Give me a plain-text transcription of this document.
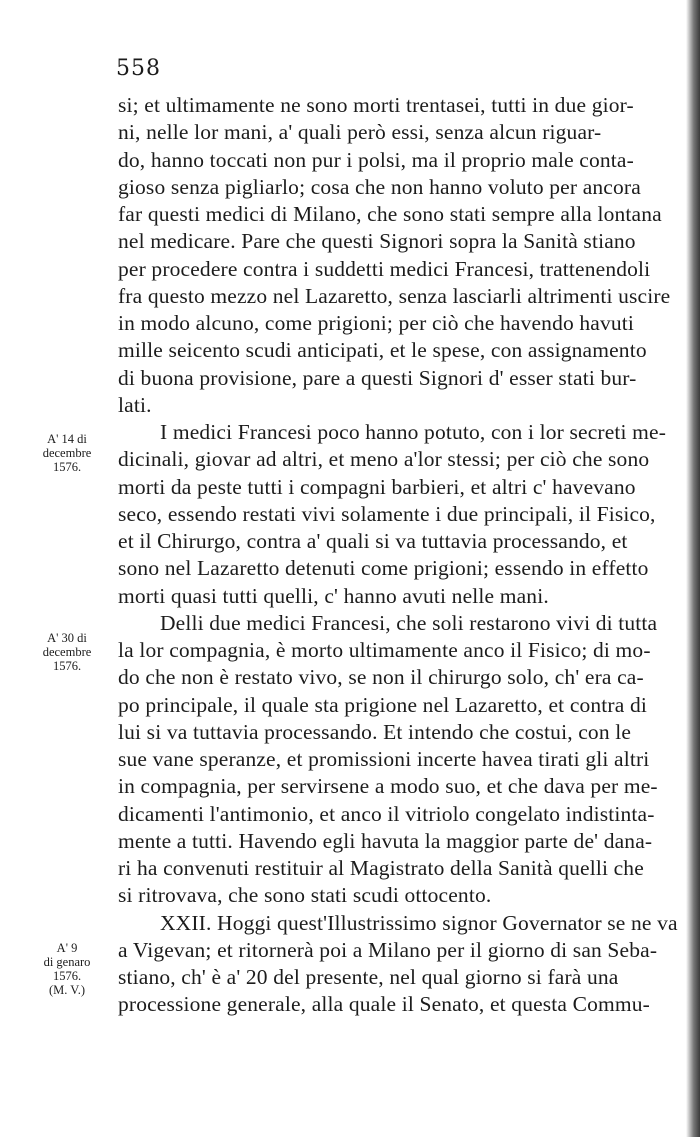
558
A' 14 di
decembre
1576.
A' 30 di
decembre
1576.
A' 9
di genaro
1576.
(M. V.)
si; et ultimamente ne sono morti trentasei, tutti in due gior-
ni, nelle lor mani, a' quali però essi, senza alcun riguar-
do, hanno toccati non pur i polsi, ma il proprio male conta-
gioso senza pigliarlo; cosa che non hanno voluto per ancora
far questi medici di Milano, che sono stati sempre alla lontana
nel medicare. Pare che questi Signori sopra la Sanità stiano
per procedere contra i suddetti medici Francesi, trattenendoli
fra questo mezzo nel Lazaretto, senza lasciarli altrimenti uscire
in modo alcuno, come prigioni; per ciò che havendo havuti
mille seicento scudi anticipati, et le spese, con assignamento
di buona provisione, pare a questi Signori d' esser stati bur-
lati.
I medici Francesi poco hanno potuto, con i lor secreti me-
dicinali, giovar ad altri, et meno a'lor stessi; per ciò che sono
morti da peste tutti i compagni barbieri, et altri c' havevano
seco, essendo restati vivi solamente i due principali, il Fisico,
et il Chirurgo, contra a' quali si va tuttavia processando, et
sono nel Lazaretto detenuti come prigioni; essendo in effetto
morti quasi tutti quelli, c' hanno avuti nelle mani.
Delli due medici Francesi, che soli restarono vivi di tutta
la lor compagnia, è morto ultimamente anco il Fisico; di mo-
do che non è restato vivo, se non il chirurgo solo, ch' era ca-
po principale, il quale sta prigione nel Lazaretto, et contra di
lui si va tuttavia processando. Et intendo che costui, con le
sue vane speranze, et promissioni incerte havea tirati gli altri
in compagnia, per servirsene a modo suo, et che dava per me-
dicamenti l'antimonio, et anco il vitriolo congelato indistinta-
mente a tutti. Havendo egli havuta la maggior parte de' dana-
ri ha convenuti restituir al Magistrato della Sanità quelli che
si ritrovava, che sono stati scudi ottocento.
XXII. Hoggi quest'Illustrissimo signor Governator se ne va
a Vigevan; et ritornerà poi a Milano per il giorno di san Seba-
stiano, ch' è a' 20 del presente, nel qual giorno si farà una
processione generale, alla quale il Senato, et questa Commu-
